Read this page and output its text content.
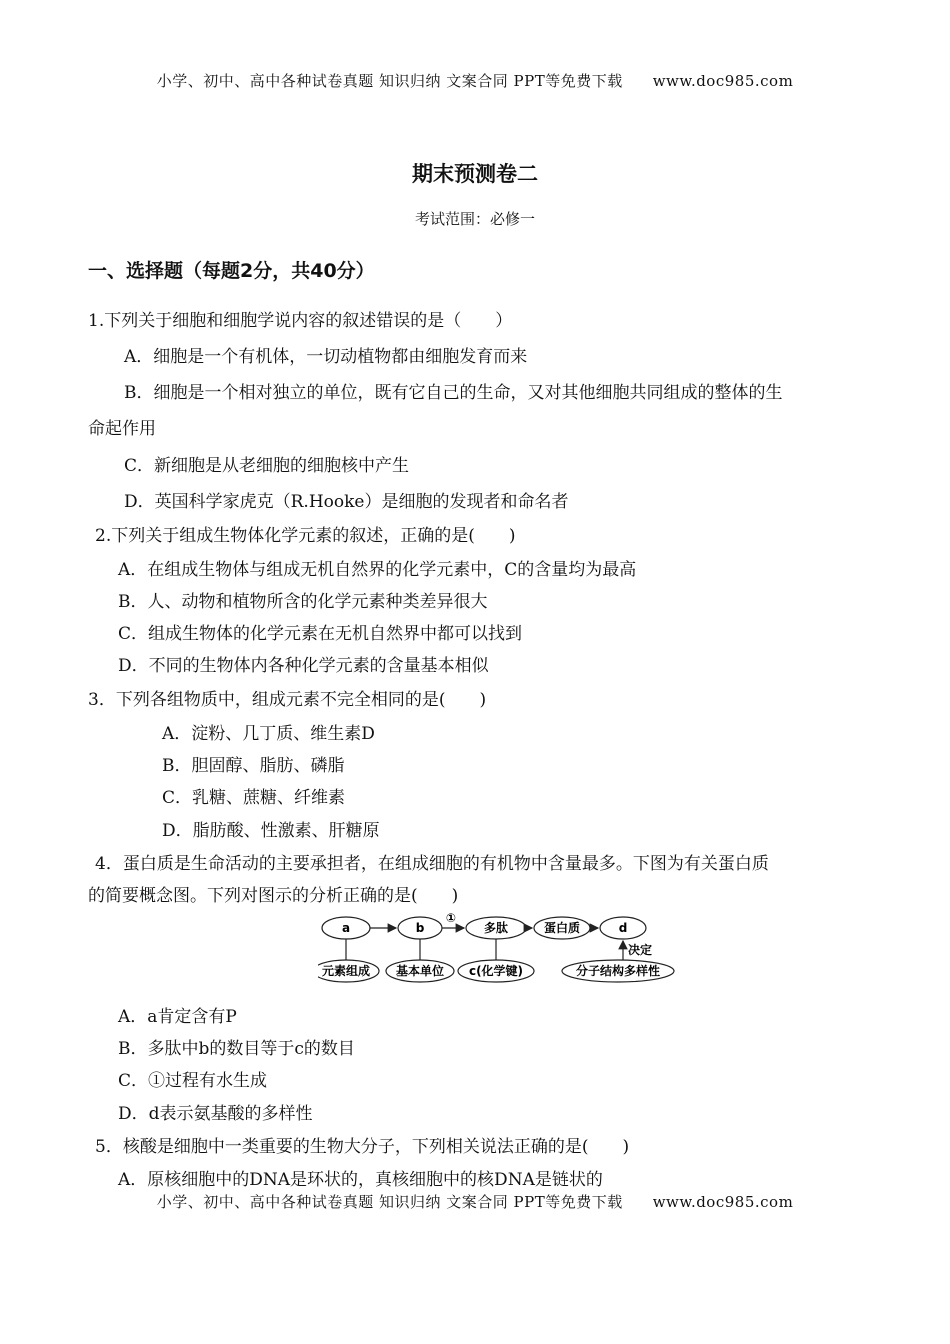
小学、初中、高中各种试卷真题 知识归纳 文案合同 PPT等免费下载 www.doc985.com
期末预测卷二
考试范围：必修一
一、选择题（每题2分，共40分）
1.下列关于细胞和细胞学说内容的叙述错误的是（　　）
A．细胞是一个有机体，一切动植物都由细胞发育而来
B．细胞是一个相对独立的单位，既有它自己的生命，又对其他细胞共同组成的整体的生
命起作用
C．新细胞是从老细胞的细胞核中产生
D．英国科学家虎克（R.Hooke）是细胞的发现者和命名者
2.下列关于组成生物体化学元素的叙述，正确的是(　　)
A．在组成生物体与组成无机自然界的化学元素中，C的含量均为最高
B．人、动物和植物所含的化学元素种类差异很大
C．组成生物体的化学元素在无机自然界中都可以找到
D．不同的生物体内各种化学元素的含量基本相似
3．下列各组物质中，组成元素不完全相同的是(　　)
A．淀粉、几丁质、维生素D
B．胆固醇、脂肪、磷脂
C．乳糖、蔗糖、纤维素
D．脂肪酸、性激素、肝糖原
4．蛋白质是生命活动的主要承担者，在组成细胞的有机物中含量最多。下图为有关蛋白质
的简要概念图。下列对图示的分析正确的是(　　)
a	b	多肽	蛋白质	d
①
决定
元素组成 基本单位 c(化学键)	分子结构多样性
A．a肯定含有P
B．多肽中b的数目等于c的数目
C．①过程有水生成
D．d表示氨基酸的多样性
5．核酸是细胞中一类重要的生物大分子，下列相关说法正确的是(　　)
A．原核细胞中的DNA是环状的，真核细胞中的核DNA是链状的
小学、初中、高中各种试卷真题 知识归纳 文案合同 PPT等免费下载 www.doc985.com
